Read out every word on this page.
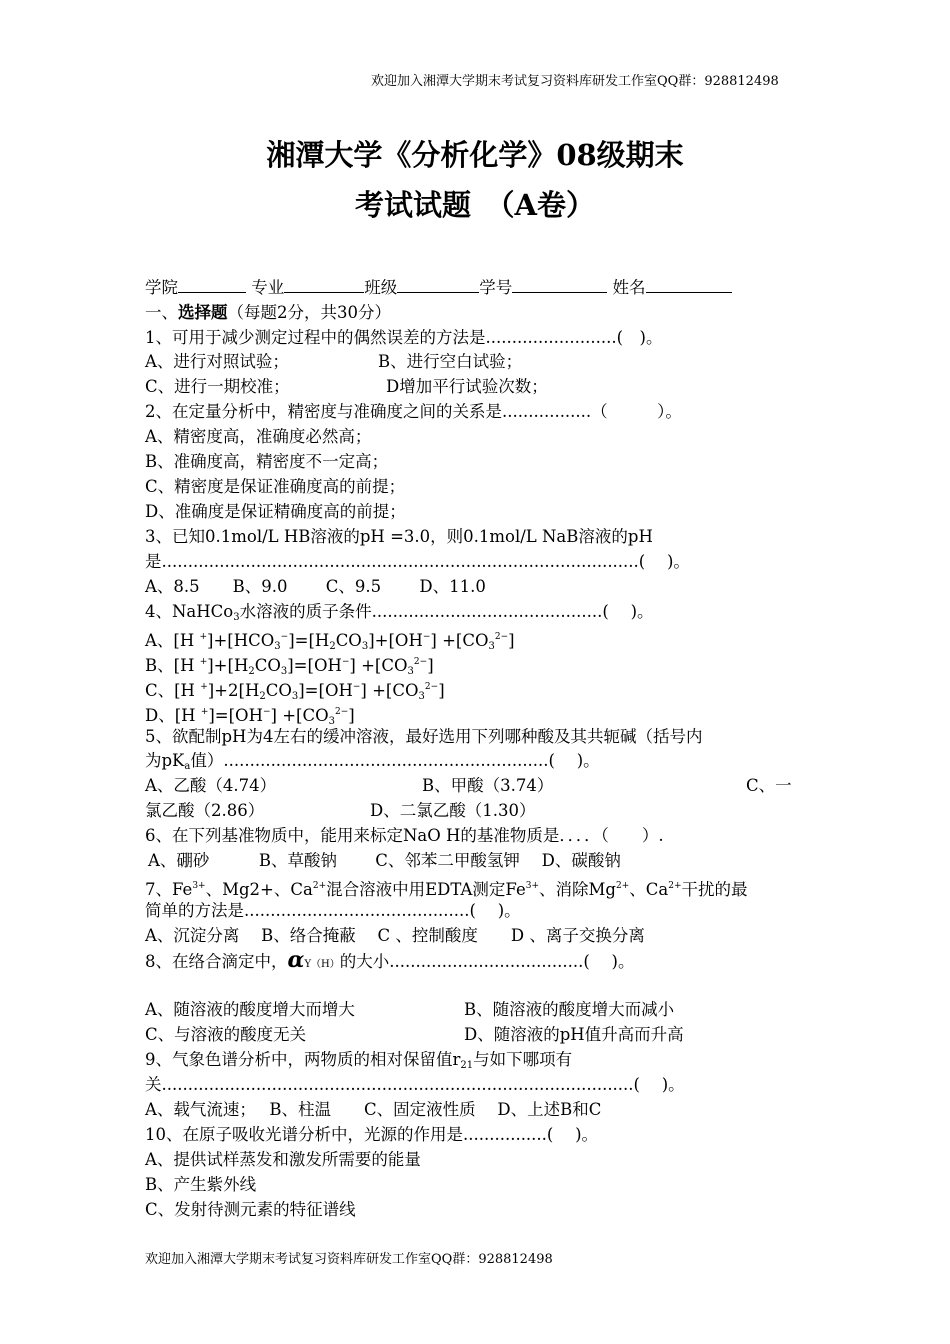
欢迎加入湘潭大学期末考试复习资料库研发工作室QQ群：928812498
湘潭大学《分析化学》08级期末
考试试题　（A卷）
学院	专业	班级	学号	姓名
一、选择题（每题2分，共30分）
1、可用于减少测定过程中的偶然误差的方法是.........................(　)。
A、进行对照试验；	B、进行空白试验；
C、进行一期校准；	D增加平行试验次数；
2、在定量分析中，精密度与准确度之间的关系是.................（　　　）。
A、精密度高，准确度必然高；
B、准确度高，精密度不一定高；
C、精密度是保证准确度高的前提；
D、准确度是保证精确度高的前提；
3、已知0.1mol/L HB溶液的pH =3.0，则0.1mol/L NaB溶液的pH
是...........................................................................................(　 )。
A、8.5　　B、9.0　　 C、9.5　　 D、11.0
4、NaHCo$_3$水溶液的质子条件............................................(　 )。
A、[H $^+]+[HCO_3^-]=[H_2CO_3]+[OH^-] +[CO_3^{2-}]$
B、[H $^+]+[H_2CO_3]=[OH^-] +[CO_3^{2-}]$
C、[H $^+]+2[H_2CO_3]=[OH^-] +[CO_3^{2-}]$
D、[H $^+]=[OH^-] +[CO_3^{2-}]$
5、欲配制pH为4左右的缓冲溶液，最好选用下列哪种酸及其共轭碱（括号内
为$pK_a$值）..............................................................(　 )。
A、乙酸（4.74）	B、甲酸（3.74）	C、一
氯乙酸（2.86）	D、二氯乙酸（1.30）
6、在下列基准物质中，能用来标定NaO H的基准物质是．．．．（　　）.
A、硼砂　　　B、草酸钠　　 C、邻苯二甲酸氢钾　 D、碳酸钠
7、$Fe^{3+}$、Mg2+、$Ca^{2+}$混合溶液中用EDTA测定$Fe^{3+}$、消除$Mg^{2+}$、$Ca^{2+}$干扰的最
简单的方法是...........................................(　 )。
A、沉淀分离　 B、络合掩蔽　 C 、控制酸度　　D 、离子交换分离
8、在络合滴定中，αY（H）的大小.....................................(　 )。
A、随溶液的酸度增大而增大	B、随溶液的酸度增大而减小
C、与溶液的酸度无关	D、随溶液的pH值升高而升高
9、气象色谱分析中，两物质的相对保留值$r_{21}$与如下哪项有
关..........................................................................................(　 )。
A、载气流速；　 B、柱温　　C、固定液性质　 D、上述B和C
10、在原子吸收光谱分析中，光源的作用是................(　 )。
A、提供试样蒸发和激发所需要的能量
B、产生紫外线
C、发射待测元素的特征谱线
欢迎加入湘潭大学期末考试复习资料库研发工作室QQ群：928812498
